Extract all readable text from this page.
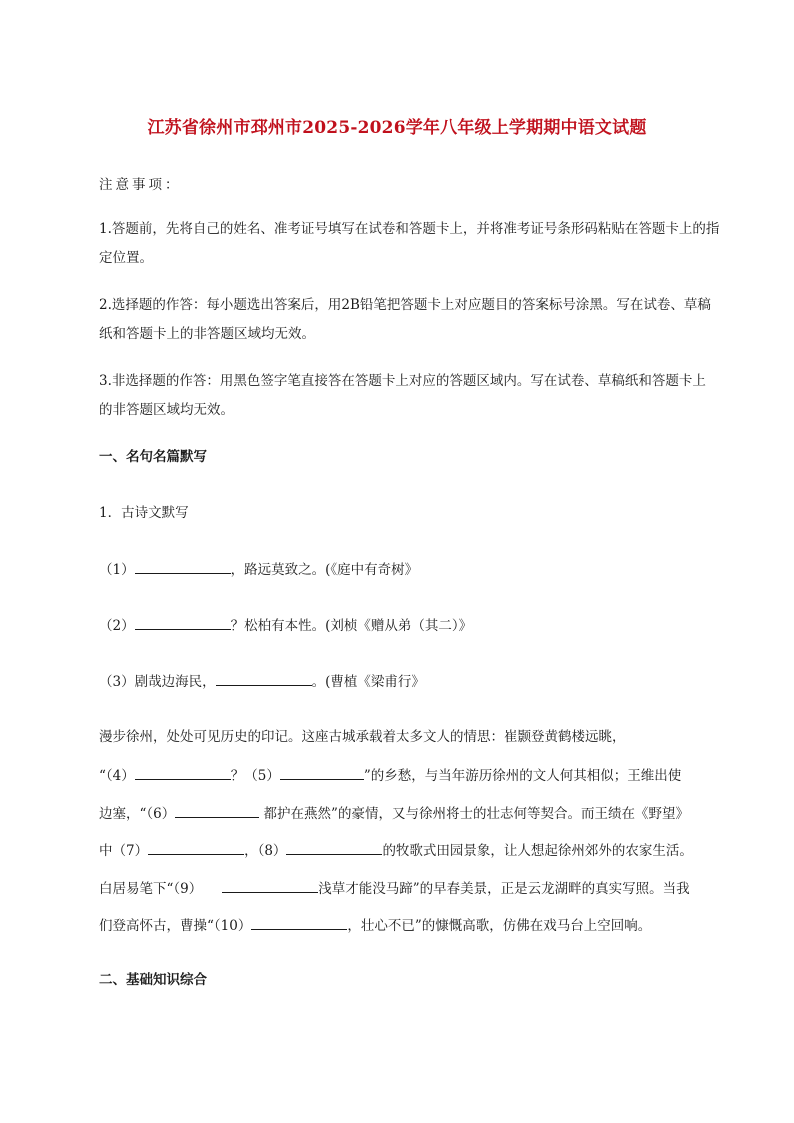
江苏省徐州市邳州市2025-2026学年八年级上学期期中语文试题
注意事项：
1.答题前，先将自己的姓名、准考证号填写在试卷和答题卡上，并将准考证号条形码粘贴在答题卡上的指
定位置。
2.选择题的作答：每小题选出答案后，用2B铅笔把答题卡上对应题目的答案标号涂黑。写在试卷、草稿
纸和答题卡上的非答题区域均无效。
3.非选择题的作答：用黑色签字笔直接答在答题卡上对应的答题区域内。写在试卷、草稿纸和答题卡上
的非答题区域均无效。
一、名句名篇默写
1．古诗文默写
（1）	，路远莫致之。(《庭中有奇树》
（2）	？松柏有本性。(刘桢《赠从弟（其二）》
（3）剧哉边海民，	。(曹植《梁甫行》
漫步徐州，处处可见历史的印记。这座古城承载着太多文人的情思：崔颢登黄鹤楼远眺，
“（4）	？（5）	”的乡愁，与当年游历徐州的文人何其相似；王维出使
边塞，“（6）	都护在燕然”的豪情，又与徐州将士的壮志何等契合。而王绩在《野望》
中（7）	，（8）	的牧歌式田园景象，让人想起徐州郊外的农家生活。
白居易笔下“（9）	浅草才能没马蹄”的早春美景，正是云龙湖畔的真实写照。当我
们登高怀古，曹操“（10）	，壮心不已”的慷慨高歌，仿佛在戏马台上空回响。
二、基础知识综合
